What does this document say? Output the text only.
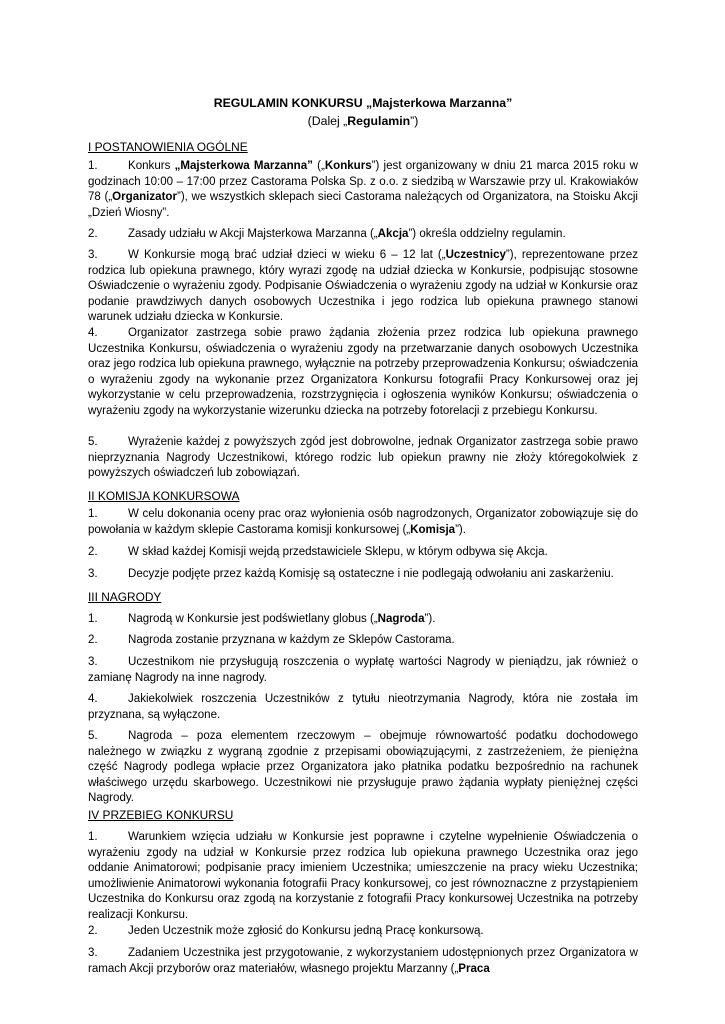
REGULAMIN KONKURSU „Majsterkowa Marzanna”
(Dalej „Regulamin”)
I POSTANOWIENIA OGÓLNE
1.	Konkurs „Majsterkowa Marzanna” („Konkurs”) jest organizowany w dniu 21 marca 2015 roku w godzinach 10:00 – 17:00 przez Castorama Polska Sp. z o.o. z siedzibą w Warszawie przy ul. Krakowiaków 78 („Organizator”), we wszystkich sklepach sieci Castorama należących od Organizatora, na Stoisku Akcji „Dzień Wiosny”.
2.	Zasady udziału w Akcji Majsterkowa Marzanna („Akcja”) określa oddzielny regulamin.
3.	W Konkursie mogą brać udział dzieci w wieku 6 – 12 lat („Uczestnicy”), reprezentowane przez rodzica lub opiekuna prawnego, który wyrazi zgodę na udział dziecka w Konkursie, podpisując stosowne Oświadczenie o wyrażeniu zgody. Podpisanie Oświadczenia o wyrażeniu zgody na udział w Konkursie oraz podanie prawdziwych danych osobowych Uczestnika i jego rodzica lub opiekuna prawnego stanowi warunek udziału dziecka w Konkursie.
4.	Organizator zastrzega sobie prawo żądania złożenia przez rodzica lub opiekuna prawnego Uczestnika Konkursu, oświadczenia o wyrażeniu zgody na przetwarzanie danych osobowych Uczestnika oraz jego rodzica lub opiekuna prawnego, wyłącznie na potrzeby przeprowadzenia Konkursu; oświadczenia o wyrażeniu zgody na wykonanie przez Organizatora Konkursu fotografii Pracy Konkursowej oraz jej wykorzystanie w celu przeprowadzenia, rozstrzygnięcia i ogłoszenia wyników Konkursu; oświadczenia o wyrażeniu zgody na wykorzystanie wizerunku dziecka na potrzeby fotorelacji z przebiegu Konkursu.
5.	Wyrażenie każdej z powyższych zgód jest dobrowolne, jednak Organizator zastrzega sobie prawo nieprzyznania Nagrody Uczestnikowi, którego rodzic lub opiekun prawny nie złoży któregokolwiek z powyższych oświadczeń lub zobowiązań.
II KOMISJA KONKURSOWA
1.	W celu dokonania oceny prac oraz wyłonienia osób nagrodzonych, Organizator zobowiązuje się do powołania w każdym sklepie Castorama komisji konkursowej („Komisja”).
2.	W skład każdej Komisji wejdą przedstawiciele Sklepu, w którym odbywa się Akcja.
3.	Decyzje podjęte przez każdą Komisję są ostateczne i nie podlegają odwołaniu ani zaskarżeniu.
III NAGRODY
1.	Nagrodą w Konkursie jest podświetlany globus („Nagroda”).
2.	Nagroda zostanie przyznana w każdym ze Sklepów Castorama.
3.	Uczestnikom nie przysługują roszczenia o wypłatę wartości Nagrody w pieniądzu, jak również o zamianę Nagrody na inne nagrody.
4.	Jakiekolwiek roszczenia Uczestników z tytułu nieotrzymania Nagrody, która nie została im przyznana, są wyłączone.
5.	Nagroda – poza elementem rzeczowym – obejmuje równowartość podatku dochodowego należnego w związku z wygraną zgodnie z przepisami obowiązującymi, z zastrzeżeniem, że pieniężna część Nagrody podlega wpłacie przez Organizatora jako płatnika podatku bezpośrednio na rachunek właściwego urzędu skarbowego. Uczestnikowi nie przysługuje prawo żądania wypłaty pieniężnej części Nagrody.
IV PRZEBIEG KONKURSU
1.	Warunkiem wzięcia udziału w Konkursie jest poprawne i czytelne wypełnienie Oświadczenia o wyrażeniu zgody na udział w Konkursie przez rodzica lub opiekuna prawnego Uczestnika oraz jego oddanie Animatorowi; podpisanie pracy imieniem Uczestnika; umieszczenie na pracy wieku Uczestnika; umożliwienie Animatorowi wykonania fotografii Pracy konkursowej, co jest równoznaczne z przystąpieniem Uczestnika do Konkursu oraz zgodą na korzystanie z fotografii Pracy konkursowej Uczestnika na potrzeby realizacji Konkursu.
2.	Jeden Uczestnik może zgłosić do Konkursu jedną Pracę konkursową.
3.	Zadaniem Uczestnika jest przygotowanie, z wykorzystaniem udostępnionych przez Organizatora w ramach Akcji przyborów oraz materiałów, własnego projektu Marzanny („Praca
